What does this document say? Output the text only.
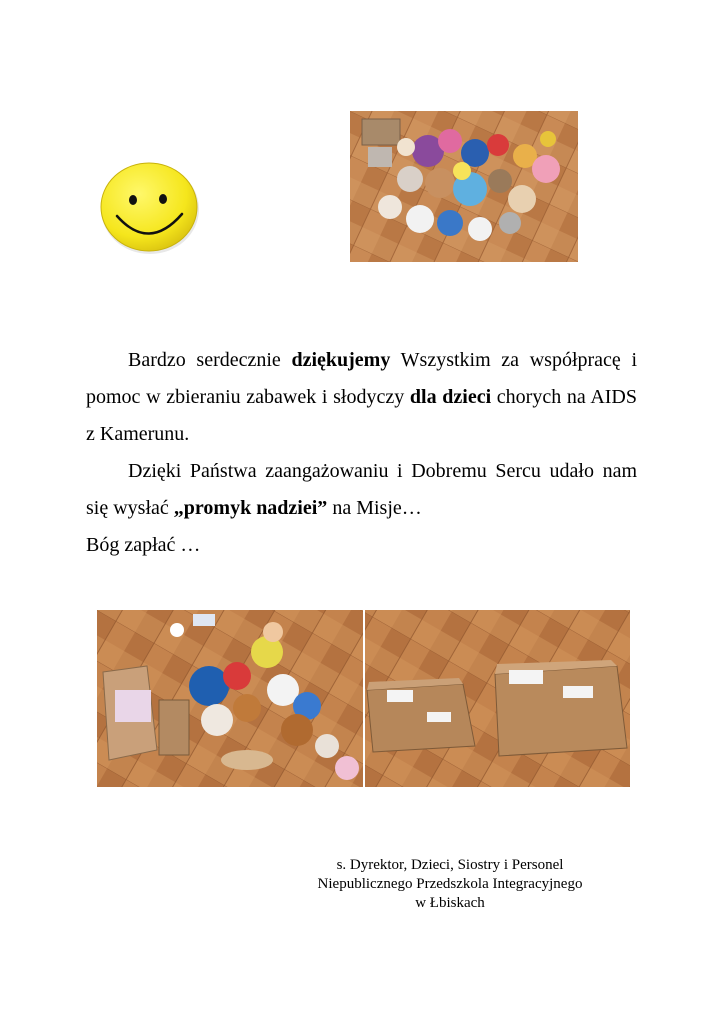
Bardzo serdecznie dziękujemy Wszystkim za współpracę i pomoc w zbieraniu zabawek i słodyczy dla dzieci chorych na AIDS z Kamerunu.

Dzięki Państwa zaangażowaniu i Dobremu Sercu udało nam się wysłać „promyk nadziei” na Misje…

Bóg zapłać …

s. Dyrektor, Dzieci, Siostry i Personel
Niepublicznego Przedszkola Integracyjnego
w Łbiskach
